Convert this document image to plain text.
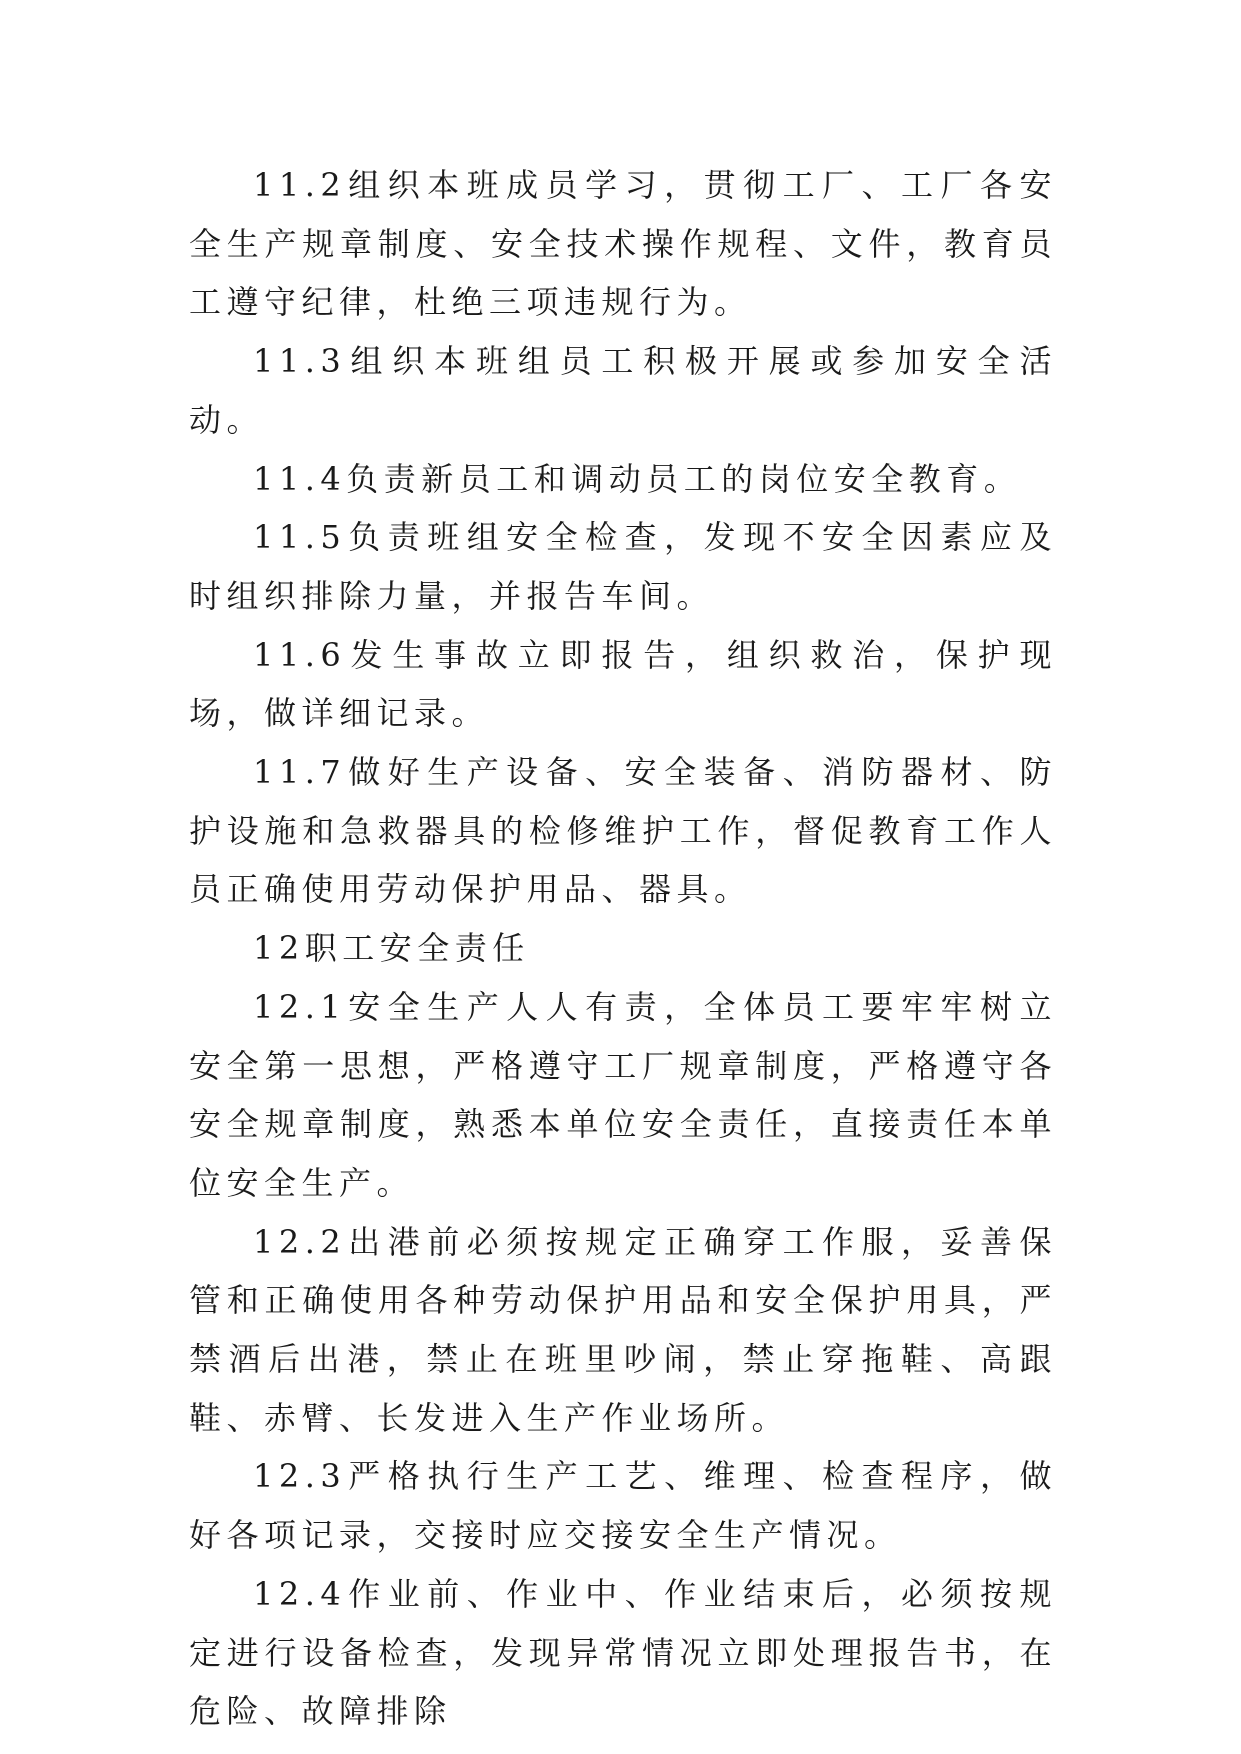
11.2组织本班成员学习，贯彻工厂、工厂各安全生产规章制度、安全技术操作规程、文件，教育员工遵守纪律，杜绝三项违规行为。

11.3组织本班组员工积极开展或参加安全活动。

11.4负责新员工和调动员工的岗位安全教育。

11.5负责班组安全检查，发现不安全因素应及时组织排除力量，并报告车间。

11.6发生事故立即报告，组织救治，保护现场，做详细记录。

11.7做好生产设备、安全装备、消防器材、防护设施和急救器具的检修维护工作，督促教育工作人员正确使用劳动保护用品、器具。

12职工安全责任

12.1安全生产人人有责，全体员工要牢牢树立安全第一思想，严格遵守工厂规章制度，严格遵守各安全规章制度，熟悉本单位安全责任，直接责任本单位安全生产。

12.2出港前必须按规定正确穿工作服，妥善保管和正确使用各种劳动保护用品和安全保护用具，严禁酒后出港，禁止在班里吵闹，禁止穿拖鞋、高跟鞋、赤臂、长发进入生产作业场所。

12.3严格执行生产工艺、维理、检查程序，做好各项记录，交接时应交接安全生产情况。

12.4作业前、作业中、作业结束后，必须按规定进行设备检查，发现异常情况立即处理报告书，在危险、故障排除
